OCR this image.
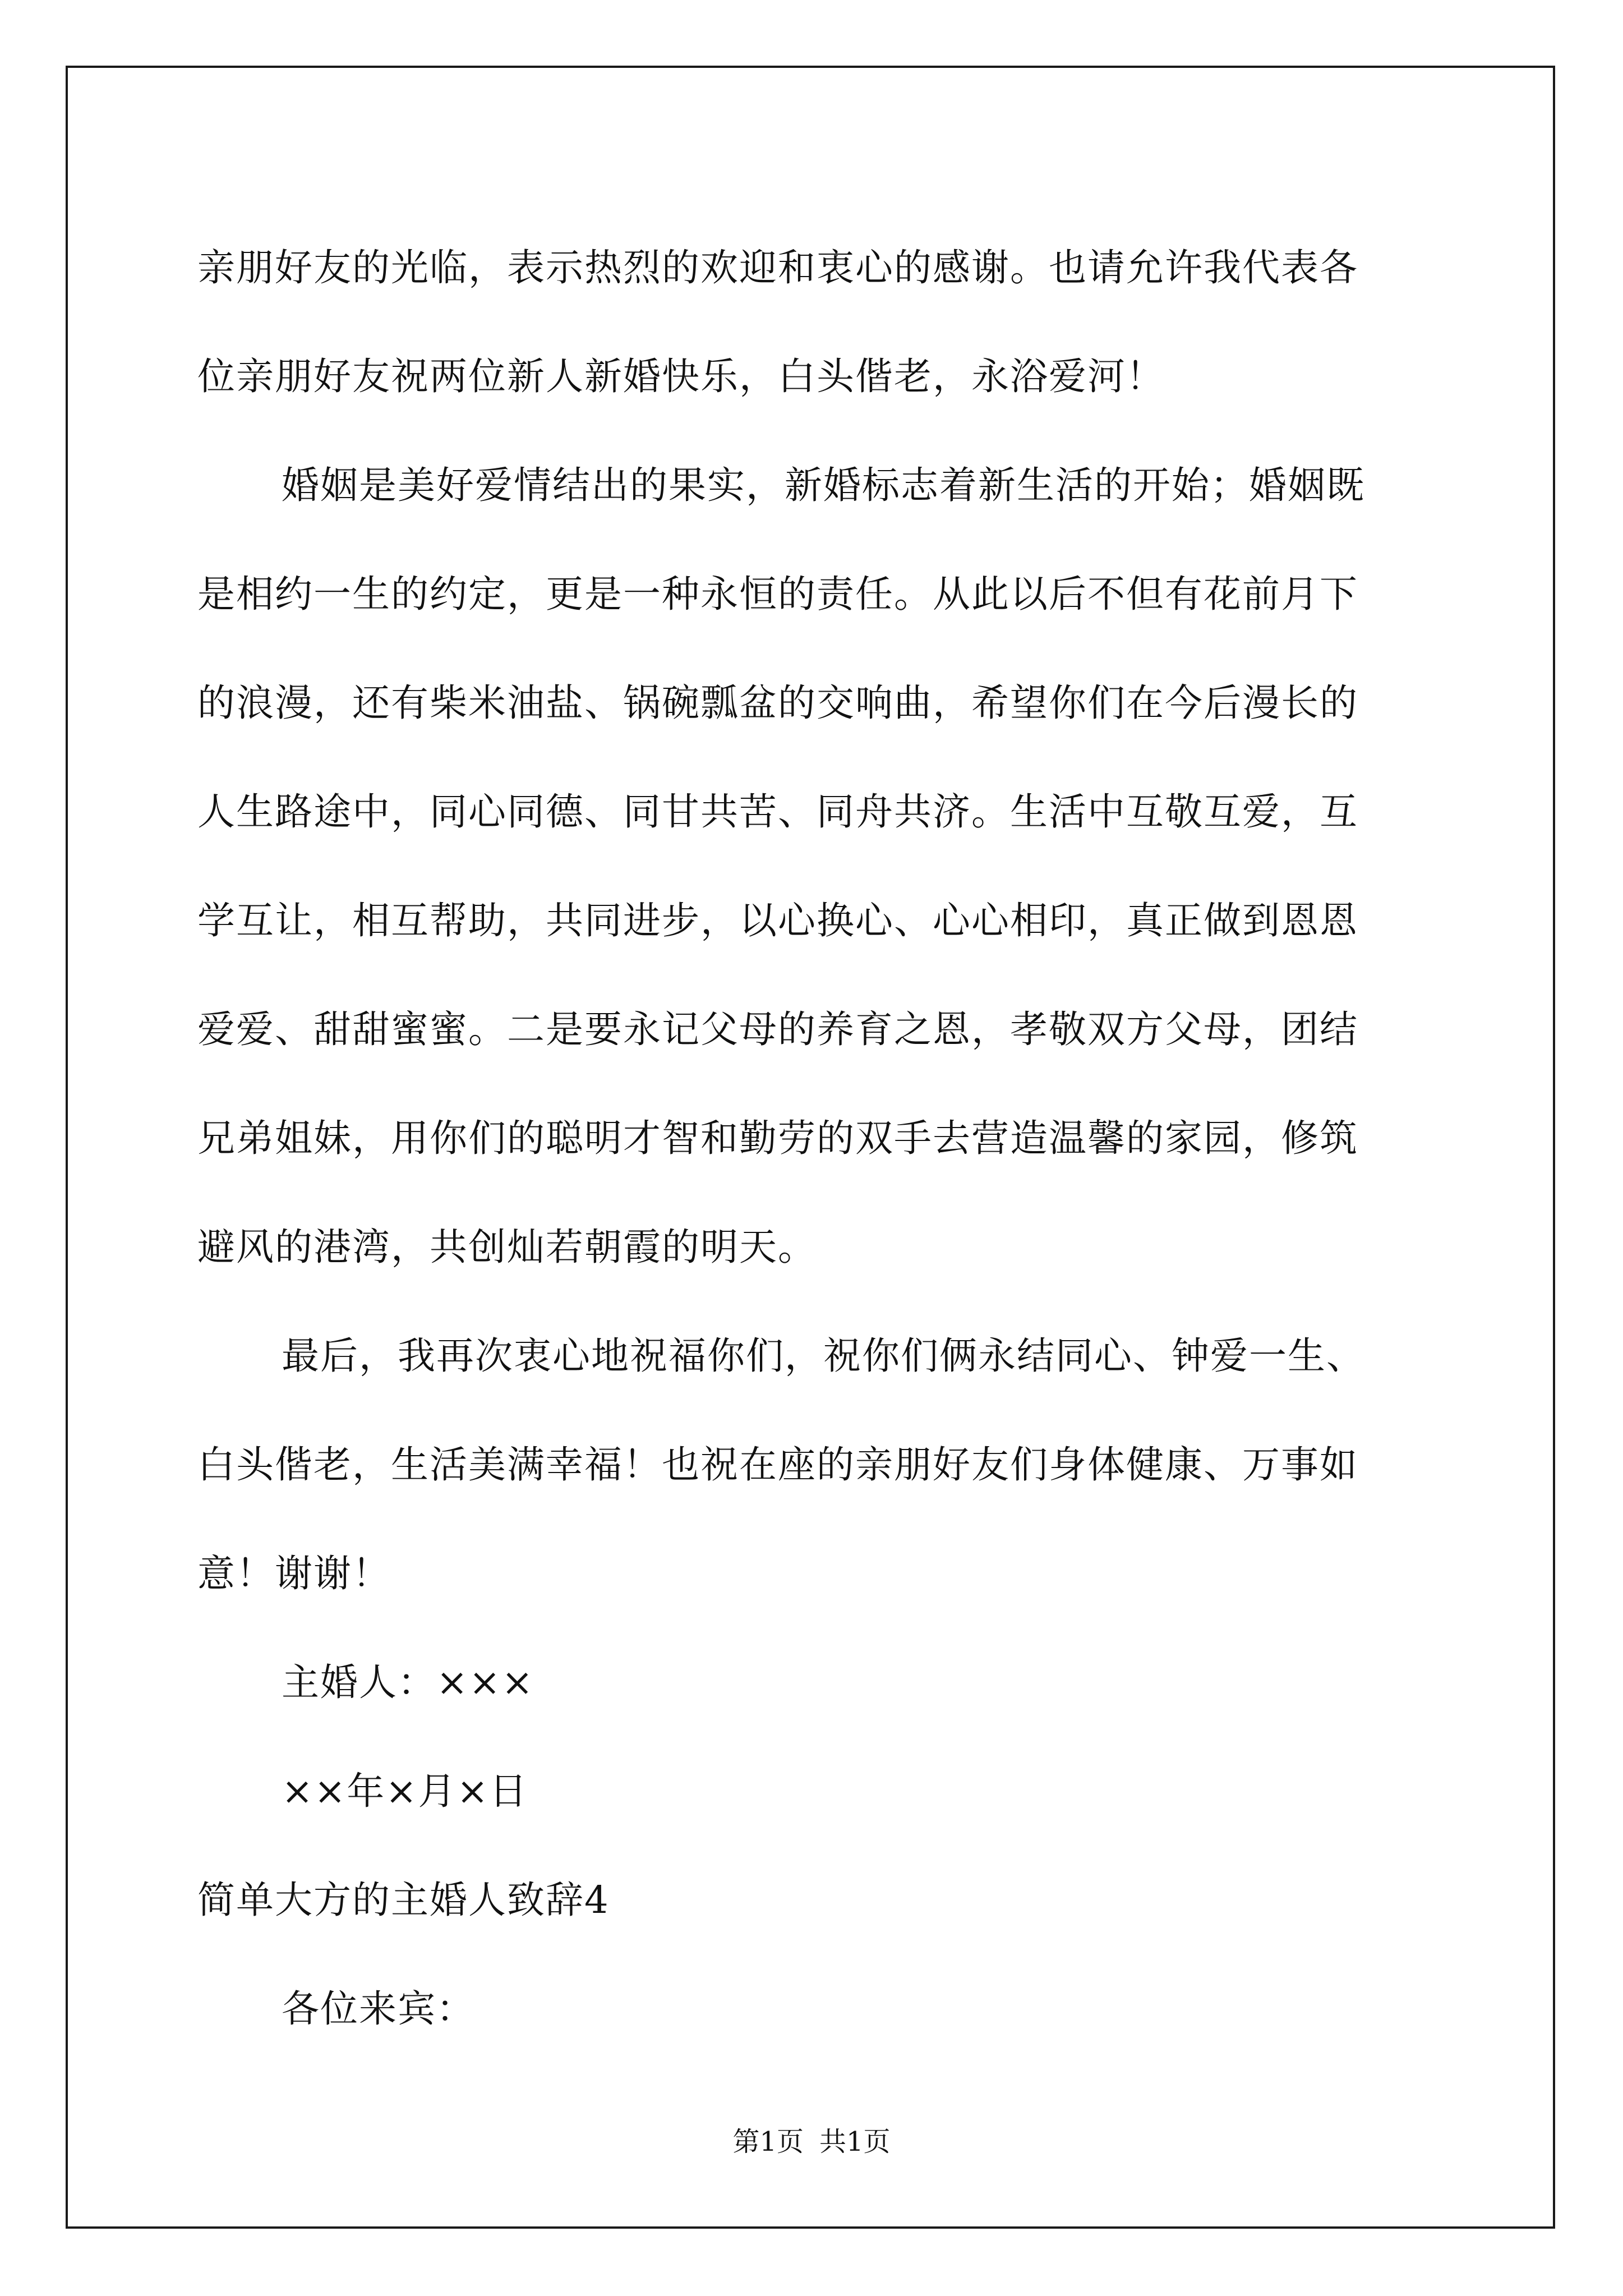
亲朋好友的光临，表示热烈的欢迎和衷心的感谢。也请允许我代表各
位亲朋好友祝两位新人新婚快乐，白头偕老，永浴爱河！
婚姻是美好爱情结出的果实，新婚标志着新生活的开始；婚姻既
是相约一生的约定，更是一种永恒的责任。从此以后不但有花前月下
的浪漫，还有柴米油盐、锅碗瓢盆的交响曲，希望你们在今后漫长的
人生路途中，同心同德、同甘共苦、同舟共济。生活中互敬互爱，互
学互让，相互帮助，共同进步，以心换心、心心相印，真正做到恩恩
爱爱、甜甜蜜蜜。二是要永记父母的养育之恩，孝敬双方父母，团结
兄弟姐妹，用你们的聪明才智和勤劳的双手去营造温馨的家园，修筑
避风的港湾，共创灿若朝霞的明天。
最后，我再次衷心地祝福你们，祝你们俩永结同心、钟爱一生、
白头偕老，生活美满幸福！也祝在座的亲朋好友们身体健康、万事如
意！谢谢！
主婚人：×××
××年×月×日
简单大方的主婚人致辞4
各位来宾：
第1页 共1页
